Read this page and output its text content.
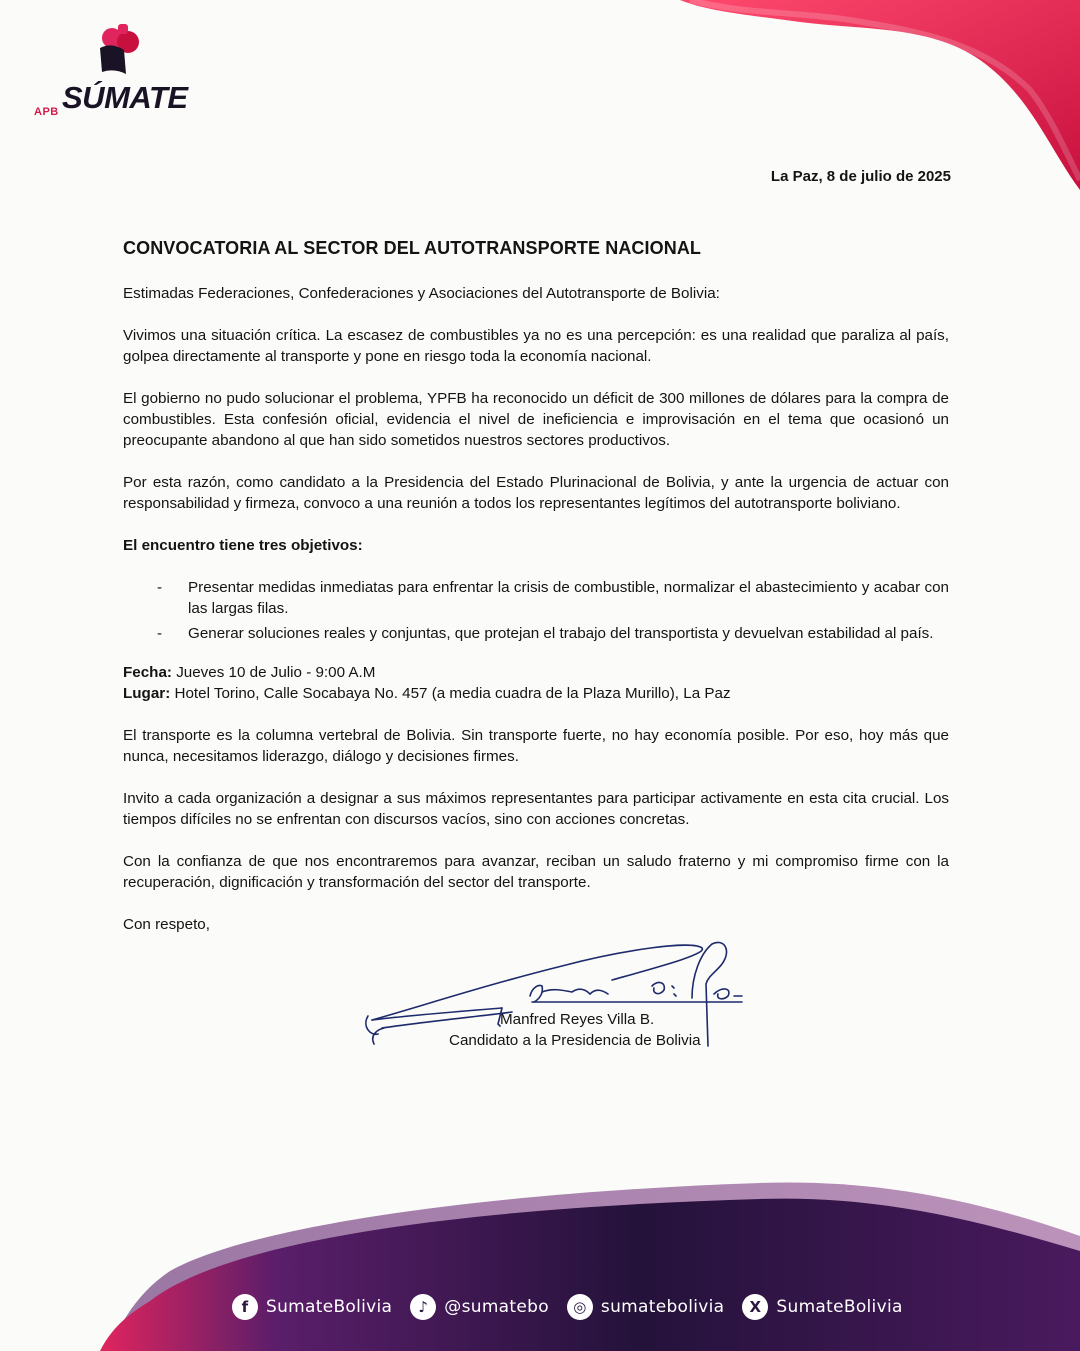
APB SÚMATE
La Paz, 8 de julio de 2025
CONVOCATORIA AL SECTOR DEL AUTOTRANSPORTE NACIONAL

Estimadas Federaciones, Confederaciones y Asociaciones del Autotransporte de Bolivia:

Vivimos una situación crítica. La escasez de combustibles ya no es una percepción: es una realidad que paraliza al país, golpea directamente al transporte y pone en riesgo toda la economía nacional.

El gobierno no pudo solucionar el problema, YPFB ha reconocido un déficit de 300 millones de dólares para la compra de combustibles. Esta confesión oficial, evidencia el nivel de ineficiencia e improvisación en el tema que ocasionó un preocupante abandono al que han sido sometidos nuestros sectores productivos.

Por esta razón, como candidato a la Presidencia del Estado Plurinacional de Bolivia, y ante la urgencia de actuar con responsabilidad y firmeza, convoco a una reunión a todos los representantes legítimos del autotransporte boliviano.

El encuentro tiene tres objetivos:

- Presentar medidas inmediatas para enfrentar la crisis de combustible, normalizar el abastecimiento y acabar con las largas filas.
- Generar soluciones reales y conjuntas, que protejan el trabajo del transportista y devuelvan estabilidad al país.

Fecha: Jueves 10 de Julio - 9:00 A.M

Lugar: Hotel Torino, Calle Socabaya No. 457 (a media cuadra de la Plaza Murillo), La Paz

El transporte es la columna vertebral de Bolivia. Sin transporte fuerte, no hay economía posible. Por eso, hoy más que nunca, necesitamos liderazgo, diálogo y decisiones firmes.

Invito a cada organización a designar a sus máximos representantes para participar activamente en esta cita crucial. Los tiempos difíciles no se enfrentan con discursos vacíos, sino con acciones concretas.

Con la confianza de que nos encontraremos para avanzar, reciban un saludo fraterno y mi compromiso firme con la recuperación, dignificación y transformación del sector del transporte.

Con respeto,

Manfred Reyes Villa B.
Candidato a la Presidencia de Bolivia
f	SumateBolivia	♪ @sumatebo	◎ sumatebolivia	X SumateBolivia
